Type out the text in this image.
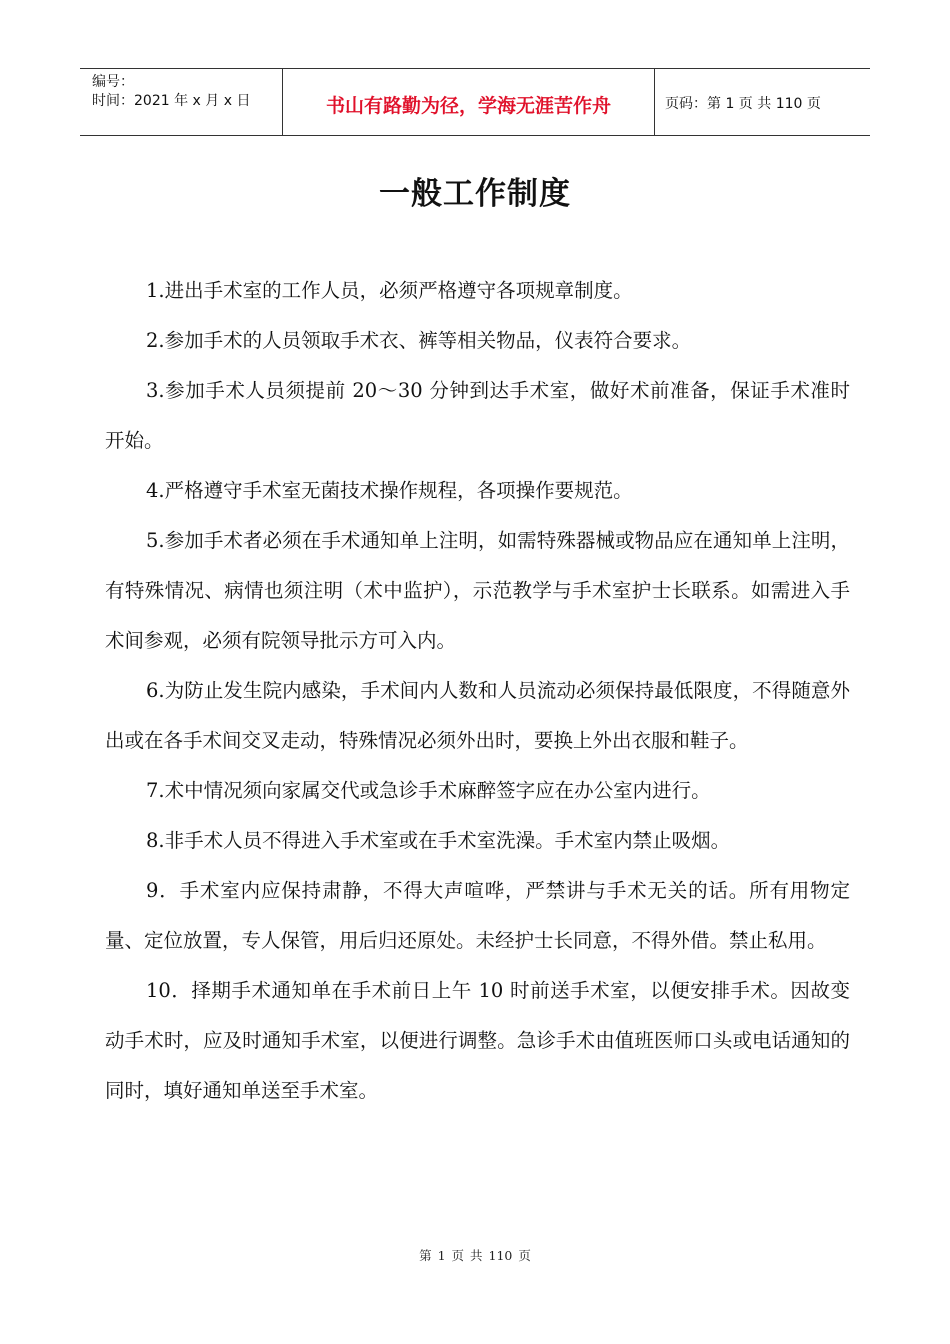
编号：
时间：2021 年 x 月 x 日	书山有路勤为径，学海无涯苦作舟	页码：第 1 页 共 110 页
一般工作制度

1.进出手术室的工作人员，必须严格遵守各项规章制度。

2.参加手术的人员领取手术衣、裤等相关物品，仪表符合要求。

3.参加手术人员须提前 20～30 分钟到达手术室，做好术前准备，保证手术准时开始。

4.严格遵守手术室无菌技术操作规程，各项操作要规范。

5.参加手术者必须在手术通知单上注明，如需特殊器械或物品应在通知单上注明，有特殊情况、病情也须注明（术中监护），示范教学与手术室护士长联系。如需进入手术间参观，必须有院领导批示方可入内。

6.为防止发生院内感染，手术间内人数和人员流动必须保持最低限度，不得随意外出或在各手术间交叉走动，特殊情况必须外出时，要换上外出衣服和鞋子。

7.术中情况须向家属交代或急诊手术麻醉签字应在办公室内进行。

8.非手术人员不得进入手术室或在手术室洗澡。手术室内禁止吸烟。

9．手术室内应保持肃静，不得大声喧哗，严禁讲与手术无关的话。所有用物定量、定位放置，专人保管，用后归还原处。未经护士长同意，不得外借。禁止私用。

10．择期手术通知单在手术前日上午 10 时前送手术室，以便安排手术。因故变动手术时，应及时通知手术室，以便进行调整。急诊手术由值班医师口头或电话通知的同时，填好通知单送至手术室。

第 1 页 共 110 页
